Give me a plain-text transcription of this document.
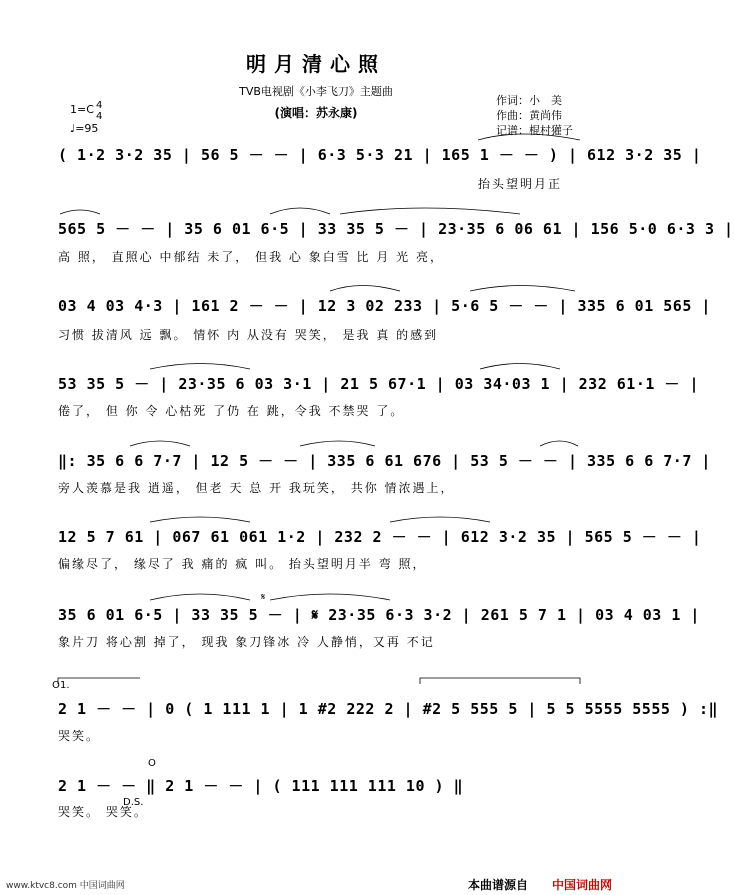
明月清心照
TVB电视剧《小李飞刀》主题曲
(演唱：苏永康)
作词：小　美
作曲：黄尚伟
记谱：棍村獾子
1=C 4
4
♩=95
( 1·2 3·2 35 | 56 5 － － | 6·3 5·3 21 | 165 1 － － ) | 612 3·2 35 |
抬头望明月正
565 5 － － | 35 6 01 6·5 | 33 35 5 － | 23·35 6 06 61 | 156 5·0 6·3 3 |
高 照， 直照心 中郁结 未了， 但我 心 象白雪 比 月 光 亮，
03 4 03 4·3 | 161 2 － － | 12 3 02 233 | 5·6 5 － － | 335 6 01 565 |
习惯 拔清风 远 飘。 情怀 内 从没有 哭笑， 是我 真 的感到
53 35 5 － | 23·35 6 03 3·1 | 21 5 67·1 | 03 34·03 1 | 232 61·1 － |
倦了， 但 你 令 心枯死 了仍 在 跳，令我 不禁哭 了。
‖: 35 6 6 7·7 | 12 5 － － | 335 6 61 676 | 53 5 － － | 335 6 6 7·7 |
旁人羡慕是我 逍遥， 但老 天 总 开 我玩笑， 共你 情浓遇上，
12 5 7 61 | 067 61 061 1·2 | 232 2 － － | 612 3·2 35 | 565 5 － － |
偏缘尽了， 缘尽了 我 痛的 疯 叫。 抬头望明月半 弯 照，
𝄋
35 6 01 6·5 | 33 35 5 － | 𝄋 23·35 6·3 3·2 | 261 5 7 1 | 03 4 03 1 |
象片刀 将心割 掉了， 现我 象刀锋冰 冷 人静悄，又再 不记
1.
O
2 1 － － | 0 ( 1 111 1 | 1 #2 222 2 | #2 5 555 5 | 5 5 5555 5555 ) :‖
哭笑。
O
2 1 － － ‖ 2 1 － － | ( 111 111 111 10 ) ‖
哭笑。 哭笑。
D.S.
www.ktvc8.com 中国词曲网	本曲谱源自 中国词曲网
